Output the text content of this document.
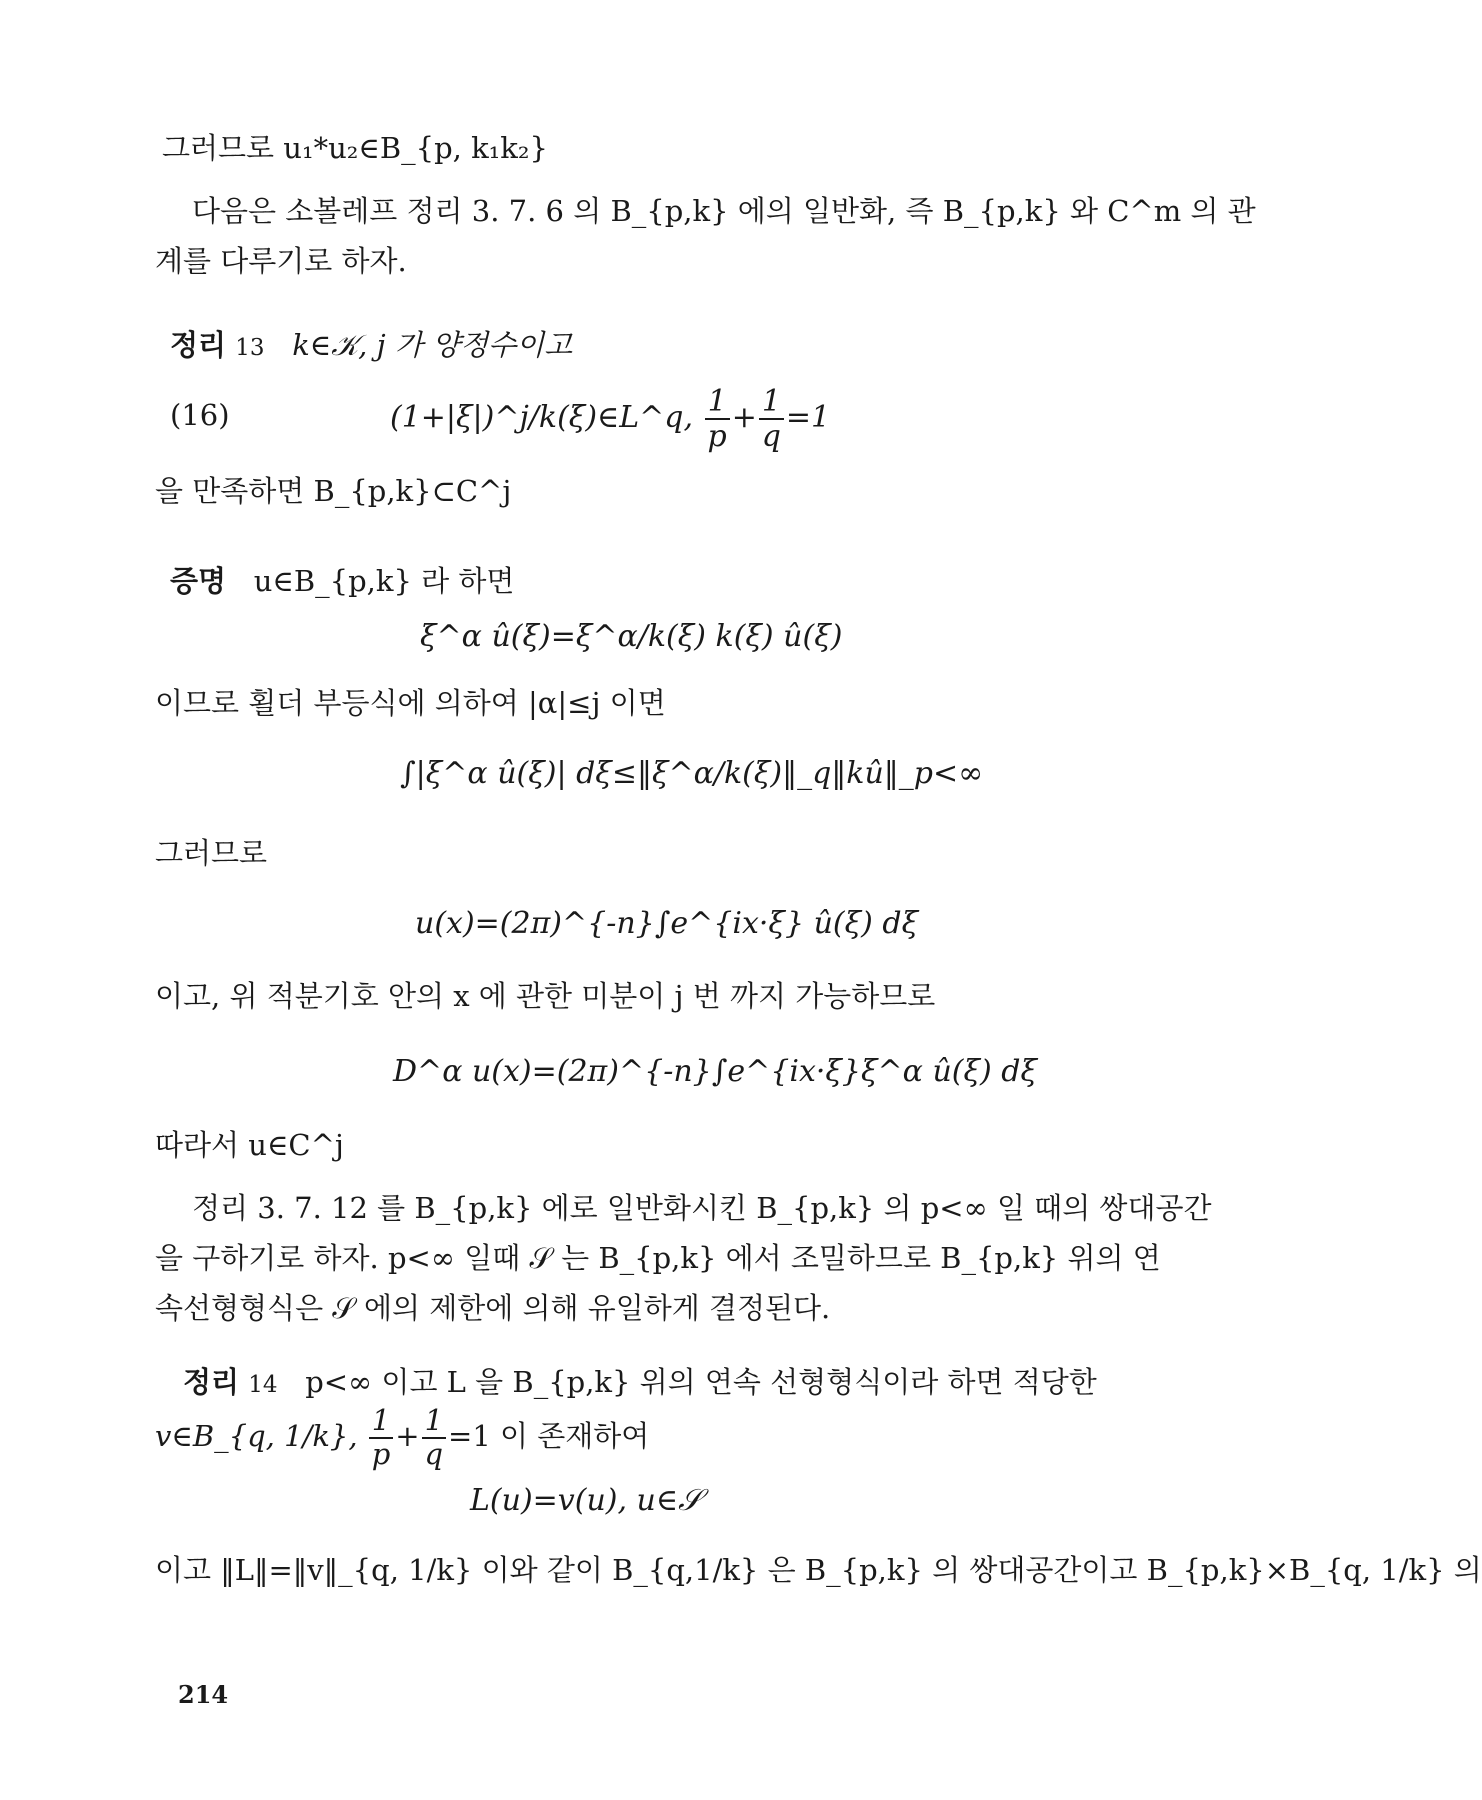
그러므로 u₁*u₂∈B_{p, k₁k₂}
다음은 소볼레프 정리 3. 7. 6 의 B_{p,k} 에의 일반화, 즉 B_{p,k} 와 C^m 의 관
계를 다루기로 하자.
정리 13 k∈𝒦, j 가 양정수이고
(16)	(1+|ξ|)^j/k(ξ)∈L^q, $\frac{1}{p} + \frac{1}{q} =1$
을 만족하면 B_{p,k}⊂C^j
증명 u∈B_{p,k} 라 하면
ξ^α û(ξ)=ξ^α/k(ξ) k(ξ) û(ξ)
이므로 횔더 부등식에 의하여 |α|≤j 이면
∫|ξ^α û(ξ)| dξ≤‖ξ^α/k(ξ)‖_q‖kû‖_p<∞
그러므로
u(x)=(2π)^{-n}∫e^{ix·ξ} û(ξ) dξ
이고, 위 적분기호 안의 x 에 관한 미분이 j 번 까지 가능하므로
D^α u(x)=(2π)^{-n}∫e^{ix·ξ}ξ^α û(ξ) dξ
따라서 u∈C^j
정리 3. 7. 12 를 B_{p,k} 에로 일반화시킨 B_{p,k} 의 p<∞ 일 때의 쌍대공간
을 구하기로 하자. p<∞ 일때 𝒮 는 B_{p,k} 에서 조밀하므로 B_{p,k} 위의 연
속선형형식은 𝒮 에의 제한에 의해 유일하게 결정된다.
정리 14 p<∞ 이고 L 을 B_{p,k} 위의 연속 선형형식이라 하면 적당한
v∈B_{q, 1/k}, $\frac{1}{p} + \frac{1}{q} =1$ 이 존재하여
L(u)=v(u), u∈𝒮
이고 ‖L‖=‖v‖_{q, 1/k} 이와 같이 B_{q,1/k} 은 B_{p,k} 의 쌍대공간이고 B_{p,k}×B_{q, 1/k} 의
214
